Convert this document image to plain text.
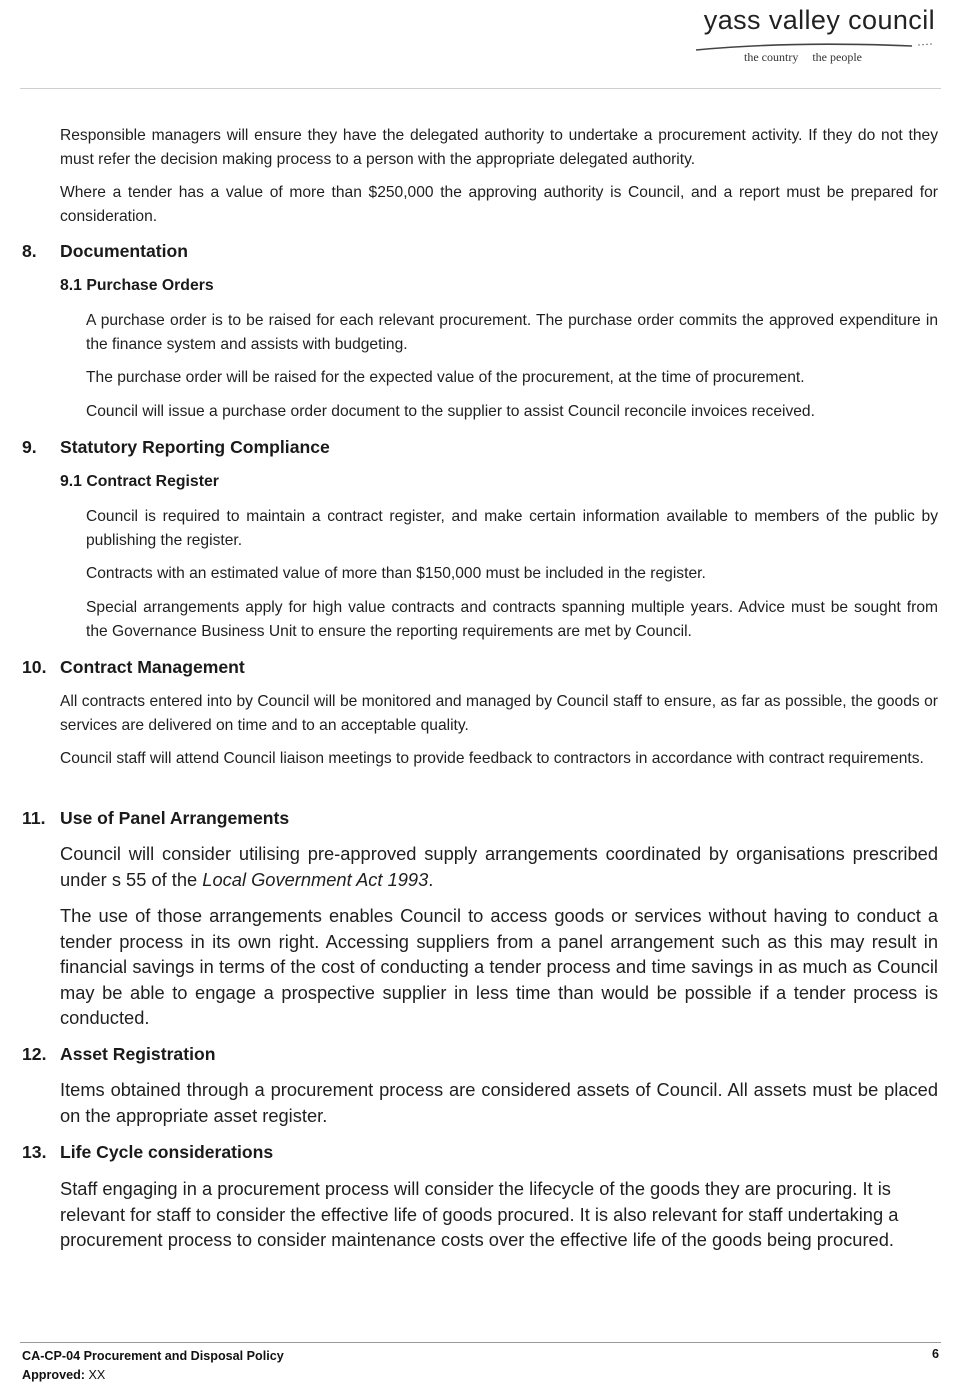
yass valley council
the country the people

Responsible managers will ensure they have the delegated authority to undertake a procurement activity. If they do not they must refer the decision making process to a person with the appropriate delegated authority.

Where a tender has a value of more than $250,000 the approving authority is Council, and a report must be prepared for consideration.

8. Documentation
8.1 Purchase Orders

A purchase order is to be raised for each relevant procurement. The purchase order commits the approved expenditure in the finance system and assists with budgeting.

The purchase order will be raised for the expected value of the procurement, at the time of procurement.

Council will issue a purchase order document to the supplier to assist Council reconcile invoices received.

9. Statutory Reporting Compliance
9.1 Contract Register

Council is required to maintain a contract register, and make certain information available to members of the public by publishing the register.

Contracts with an estimated value of more than $150,000 must be included in the register.

Special arrangements apply for high value contracts and contracts spanning multiple years. Advice must be sought from the Governance Business Unit to ensure the reporting requirements are met by Council.

10. Contract Management

All contracts entered into by Council will be monitored and managed by Council staff to ensure, as far as possible, the goods or services are delivered on time and to an acceptable quality.

Council staff will attend Council liaison meetings to provide feedback to contractors in accordance with contract requirements.

11. Use of Panel Arrangements

Council will consider utilising pre-approved supply arrangements coordinated by organisations prescribed under s 55 of the Local Government Act 1993.

The use of those arrangements enables Council to access goods or services without having to conduct a tender process in its own right. Accessing suppliers from a panel arrangement such as this may result in financial savings in terms of the cost of conducting a tender process and time savings in as much as Council may be able to engage a prospective supplier in less time than would be possible if a tender process is conducted.

12. Asset Registration

Items obtained through a procurement process are considered assets of Council. All assets must be placed on the appropriate asset register.

13. Life Cycle considerations

Staff engaging in a procurement process will consider the lifecycle of the goods they are procuring. It is relevant for staff to consider the effective life of goods procured. It is also relevant for staff undertaking a procurement process to consider maintenance costs over the effective life of the goods being procured.

CA-CP-04 Procurement and Disposal Policy
Approved: XX
6
